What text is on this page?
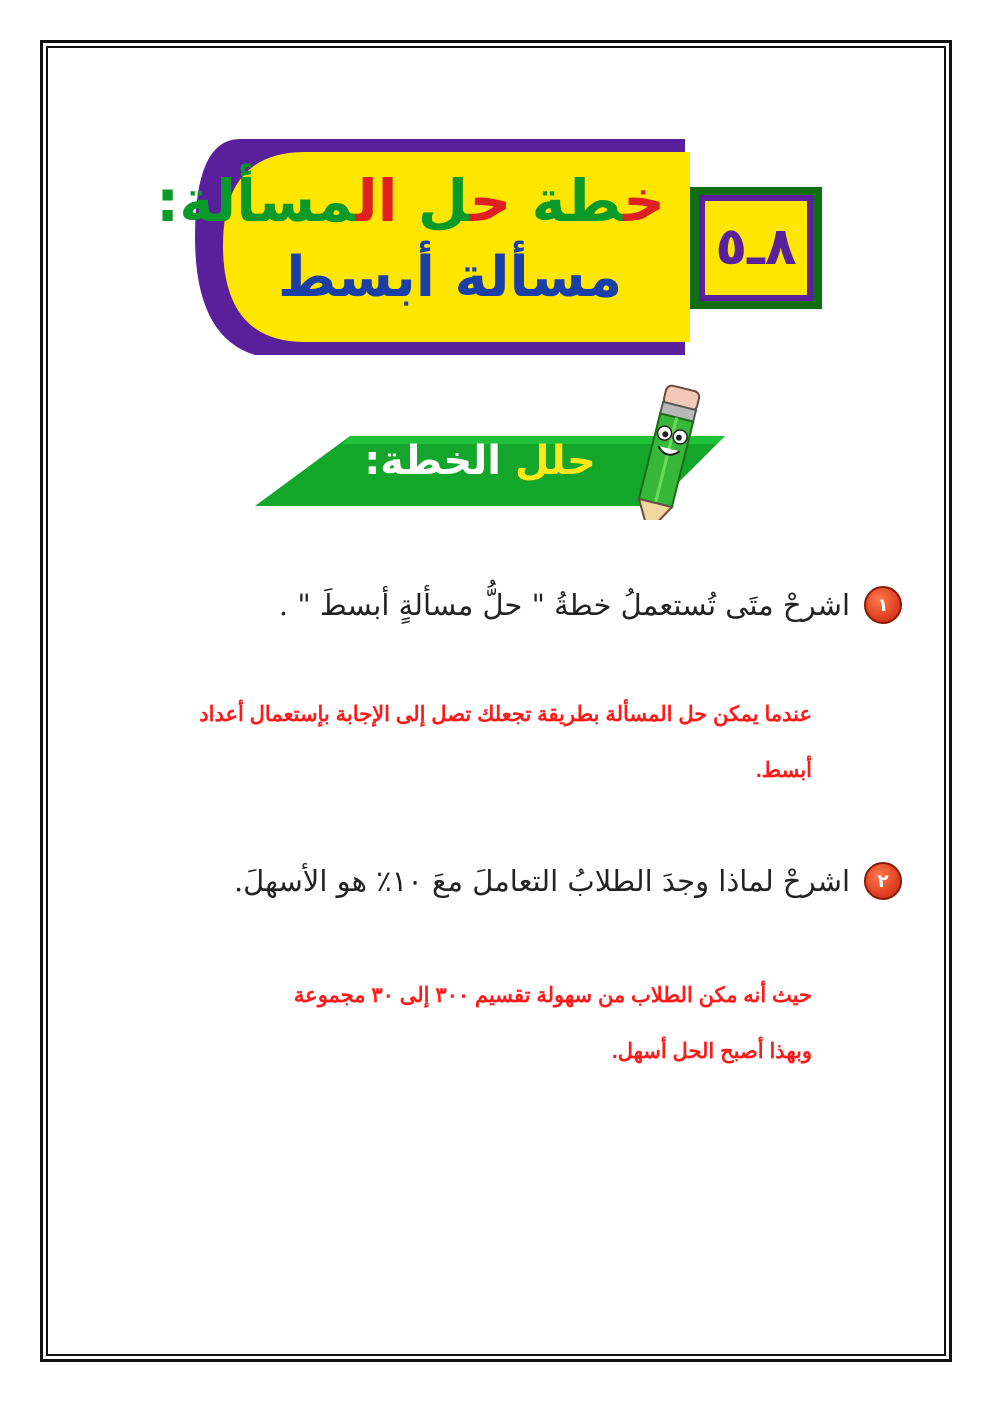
خطة حل المسألة:
مسألة أبسط	٨ـ٥
حلل الخطة:
١
اشرحْ متَى تُستعملُ خطةُ " حلُّ مسألةٍ أبسطَ " .
عندما يمكن حل المسألة بطريقة تجعلك تصل إلى الإجابة بإستعمال أعداد
أبسط.
٢
اشرحْ لماذا وجدَ الطلابُ التعاملَ معَ ١٠٪ هو الأسهلَ.
حيث أنه مكن الطلاب من سهولة تقسيم ٣٠٠ إلى ٣٠ مجموعة
وبهذا أصبح الحل أسهل.
